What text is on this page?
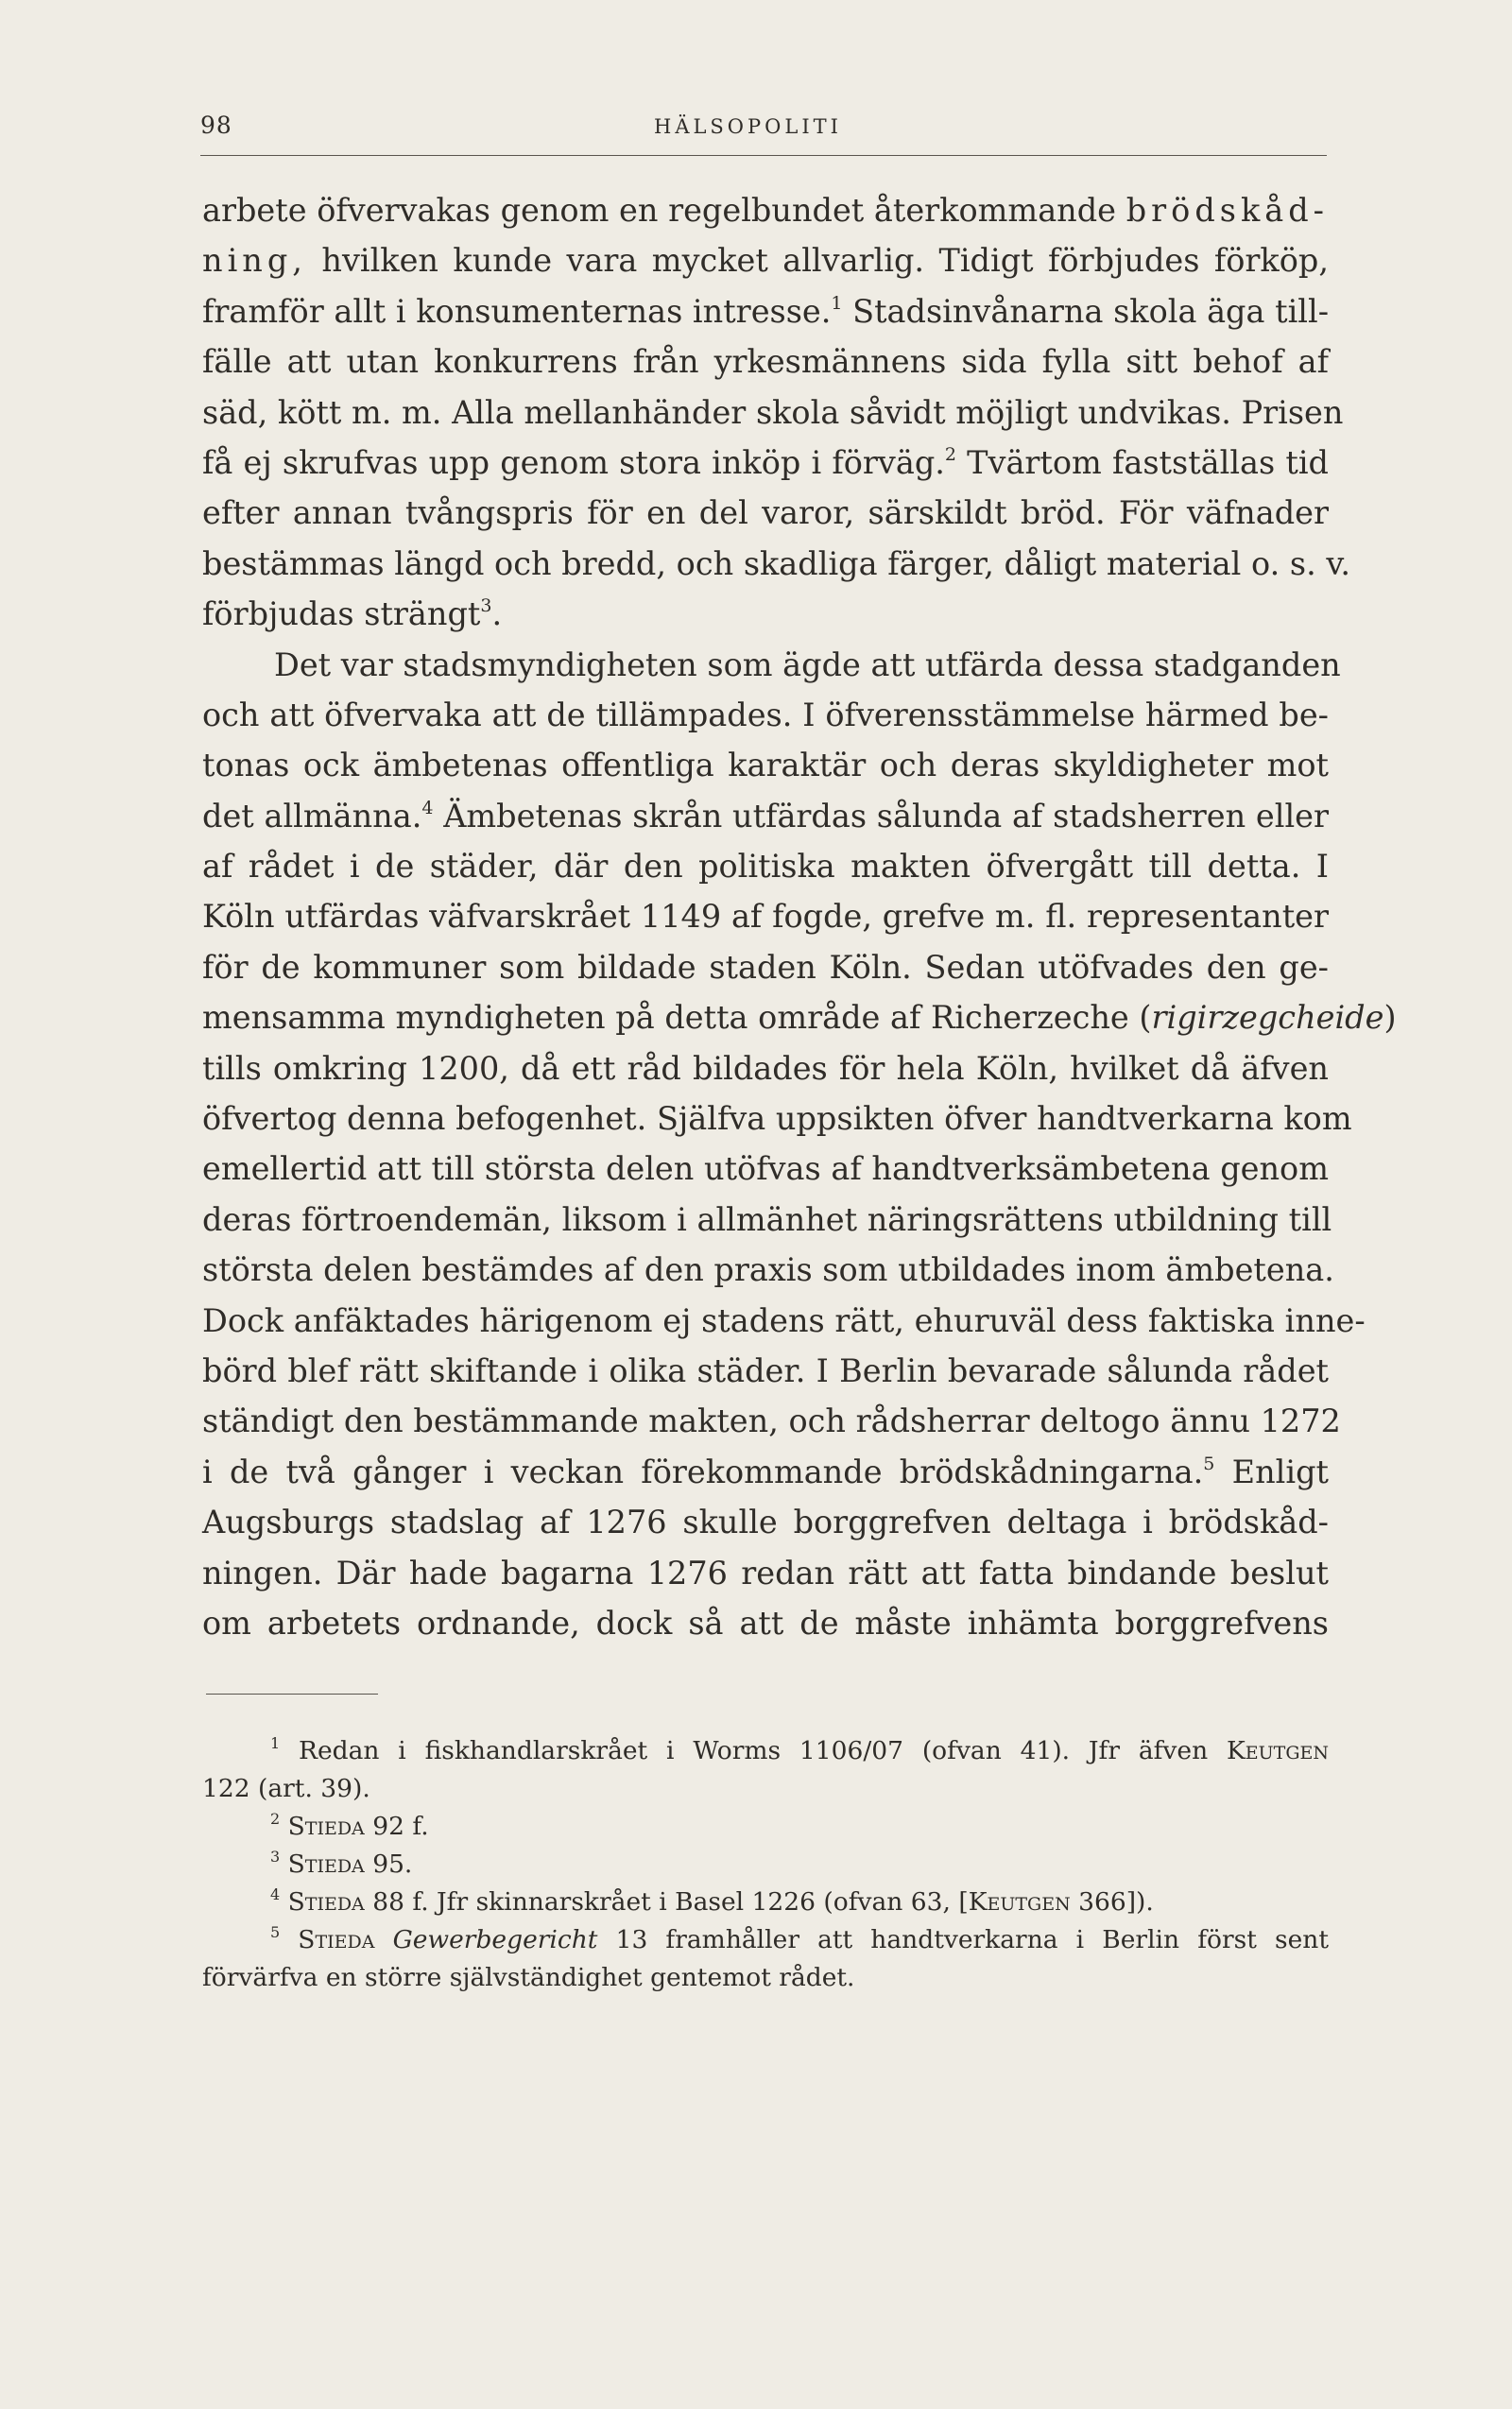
98	HÄLSOPOLITI
arbete öfvervakas genom en regelbundet återkommande brödskåd-
ning, hvilken kunde vara mycket allvarlig. Tidigt förbjudes förköp,
framför allt i konsumenternas intresse.$^1$ Stadsinvånarna skola äga till-
fälle att utan konkurrens från yrkesmännens sida fylla sitt behof af
säd, kött m. m. Alla mellanhänder skola såvidt möjligt undvikas. Prisen
få ej skrufvas upp genom stora inköp i förväg.$^2$ Tvärtom fastställas tid
efter annan tvångspris för en del varor, särskildt bröd. För väfnader
bestämmas längd och bredd, och skadliga färger, dåligt material o. s. v.
förbjudas strängt$^3$.
Det var stadsmyndigheten som ägde att utfärda dessa stadganden
och att öfvervaka att de tillämpades. I öfverensstämmelse härmed be-
tonas ock ämbetenas offentliga karaktär och deras skyldigheter mot
det allmänna.$^4$ Ämbetenas skrån utfärdas sålunda af stadsherren eller
af rådet i de städer, där den politiska makten öfvergått till detta. I
Köln utfärdas väfvarskrået 1149 af fogde, grefve m. fl. representanter
för de kommuner som bildade staden Köln. Sedan utöfvades den ge-
mensamma myndigheten på detta område af Richerzeche (rigirzegcheide)
tills omkring 1200, då ett råd bildades för hela Köln, hvilket då äfven
öfvertog denna befogenhet. Själfva uppsikten öfver handtverkarna kom
emellertid att till största delen utöfvas af handtverksämbetena genom
deras förtroendemän, liksom i allmänhet näringsrättens utbildning till
största delen bestämdes af den praxis som utbildades inom ämbetena.
Dock anfäktades härigenom ej stadens rätt, ehuruväl dess faktiska inne-
börd blef rätt skiftande i olika städer. I Berlin bevarade sålunda rådet
ständigt den bestämmande makten, och rådsherrar deltogo ännu 1272
i de två gånger i veckan förekommande brödskådningarna.$^5$ Enligt
Augsburgs stadslag af 1276 skulle borggrefven deltaga i brödskåd-
ningen. Där hade bagarna 1276 redan rätt att fatta bindande beslut
om arbetets ordnande, dock så att de måste inhämta borggrefvens
$^1$ Redan i fiskhandlarskrået i Worms 1106/07 (ofvan 41). Jfr äfven Keutgen
122 (art. 39).
$^2$ Stieda 92 f.
$^3$ Stieda 95.
$^4$ Stieda 88 f. Jfr skinnarskrået i Basel 1226 (ofvan 63, [Keutgen 366]).
$^5$ Stieda Gewerbegericht 13 framhåller att handtverkarna i Berlin först sent
förvärfva en större självständighet gentemot rådet.
